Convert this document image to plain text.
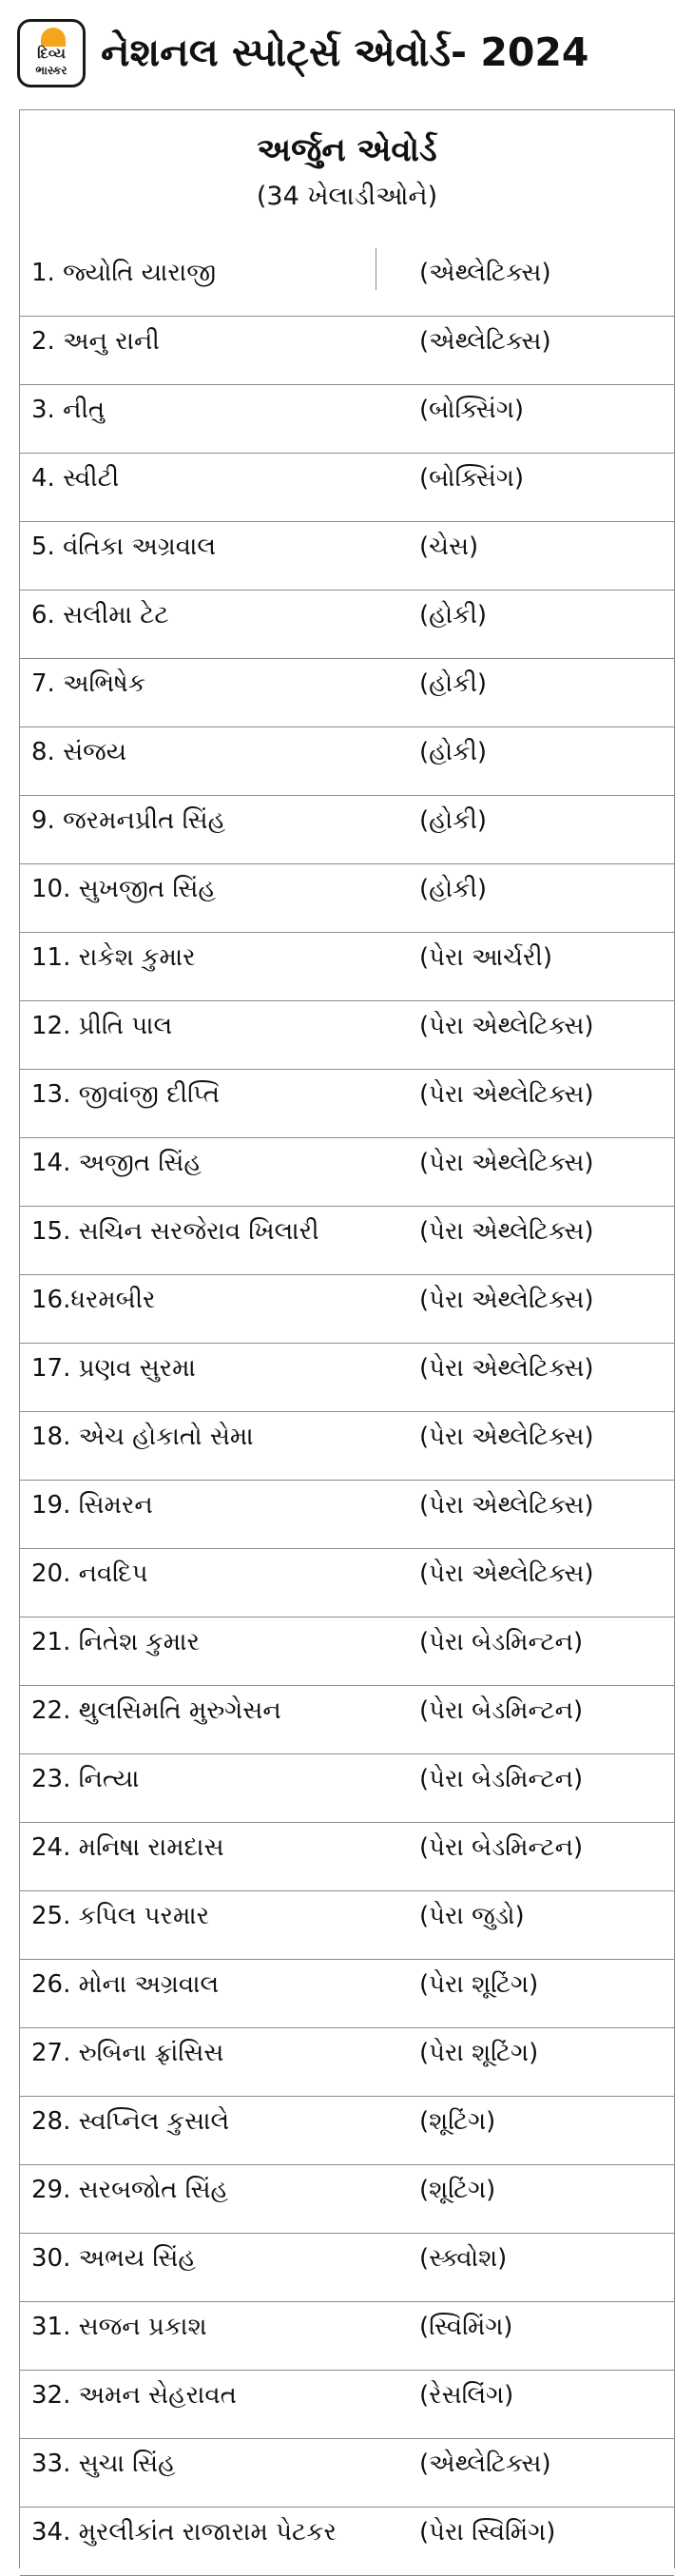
દિવ્ય
ભાસ્કર નેશનલ સ્પોર્ટ્સ એવોર્ડ- 2024
અર્જુન એવોર્ડ
(34 ખેલાડીઓને)
1. જ્યોતિ યારાજી	(એથ્લેટિક્સ)
2. અનુ રાની	(એથ્લેટિક્સ)
3. નીતુ	(બોક્સિંગ)
4. સ્વીટી	(બોક્સિંગ)
5. વંતિકા અગ્રવાલ	(ચેસ)
6. સલીમા ટેટ	(હોકી)
7. અભિષેક	(હોકી)
8. સંજય	(હોકી)
9. જરમનપ્રીત સિંહ	(હોકી)
10. સુખજીત સિંહ	(હોકી)
11. રાકેશ કુમાર	(પેરા આર્ચરી)
12. પ્રીતિ પાલ	(પેરા એથ્લેટિક્સ)
13. જીવાંજી દીપ્તિ	(પેરા એથ્લેટિક્સ)
14. અજીત સિંહ	(પેરા એથ્લેટિક્સ)
15. સચિન સરજેરાવ ખિલારી	(પેરા એથ્લેટિક્સ)
16.ધરમબીર	(પેરા એથ્લેટિક્સ)
17. પ્રણવ સુરમા	(પેરા એથ્લેટિક્સ)
18. એચ હોકાતો સેમા	(પેરા એથ્લેટિક્સ)
19. સિમરન	(પેરા એથ્લેટિક્સ)
20. નવદિપ	(પેરા એથ્લેટિક્સ)
21. નિતેશ કુમાર	(પેરા બેડમિન્ટન)
22. થુલસિમતિ મુરુગેસન	(પેરા બેડમિન્ટન)
23. નિત્યા	(પેરા બેડમિન્ટન)
24. મનિષા રામદાસ	(પેરા બેડમિન્ટન)
25. કપિલ પરમાર	(પેરા જુડો)
26. મોના અગ્રવાલ	(પેરા શૂટિંગ)
27. રુબિના ફ્રાંસિસ	(પેરા શૂટિંગ)
28. સ્વપ્નિલ કુસાલે	(શૂટિંગ)
29. સરબજોત સિંહ	(શૂટિંગ)
30. અભય સિંહ	(સ્ક્વોશ)
31. સજન પ્રકાશ	(સ્વિમિંગ)
32. અમન સેહરાવત	(રેસલિંગ)
33. સુચા સિંહ	(એથ્લેટિક્સ)
34. મુરલીકાંત રાજારામ પેટકર	(પેરા સ્વિમિંગ)
